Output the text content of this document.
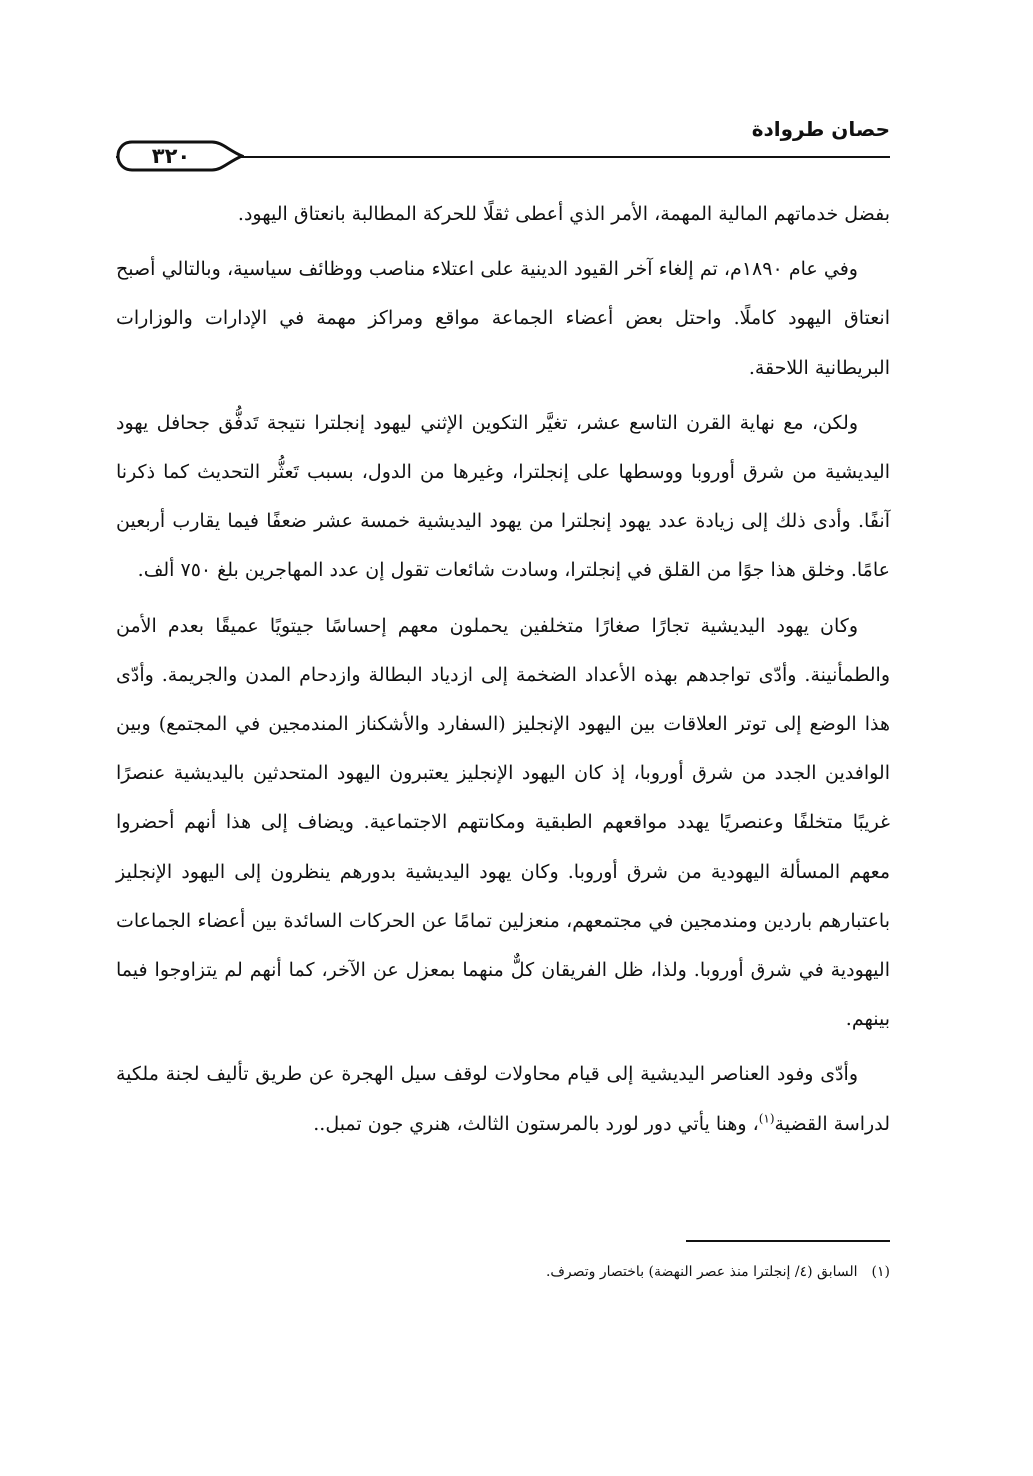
حصان طروادة
٣٢٠

بفضل خدماتهم المالية المهمة، الأمر الذي أعطى ثقلًا للحركة المطالبة بانعتاق اليهود.

وفي عام ١٨٩٠م، تم إلغاء آخر القيود الدينية على اعتلاء مناصب ووظائف سياسية، وبالتالي أصبح انعتاق اليهود كاملًا. واحتل بعض أعضاء الجماعة مواقع ومراكز مهمة في الإدارات والوزارات البريطانية اللاحقة.

ولكن، مع نهاية القرن التاسع عشر، تغيَّر التكوين الإثني ليهود إنجلترا نتيجة تَدفُّق جحافل يهود اليديشية من شرق أوروبا ووسطها على إنجلترا، وغيرها من الدول، بسبب تَعثُّر التحديث كما ذكرنا آنفًا. وأدى ذلك إلى زيادة عدد يهود إنجلترا من يهود اليديشية خمسة عشر ضعفًا فيما يقارب أربعين عامًا. وخلق هذا جوًا من القلق في إنجلترا، وسادت شائعات تقول إن عدد المهاجرين بلغ ٧٥٠ ألف.

وكان يهود اليديشية تجارًا صغارًا متخلفين يحملون معهم إحساسًا جيتويًا عميقًا بعدم الأمن والطمأنينة. وأدّى تواجدهم بهذه الأعداد الضخمة إلى ازدياد البطالة وازدحام المدن والجريمة. وأدّى هذا الوضع إلى توتر العلاقات بين اليهود الإنجليز (السفارد والأشكناز المندمجين في المجتمع) وبين الوافدين الجدد من شرق أوروبا، إذ كان اليهود الإنجليز يعتبرون اليهود المتحدثين باليديشية عنصرًا غريبًا متخلفًا وعنصريًا يهدد مواقعهم الطبقية ومكانتهم الاجتماعية. ويضاف إلى هذا أنهم أحضروا معهم المسألة اليهودية من شرق أوروبا. وكان يهود اليديشية بدورهم ينظرون إلى اليهود الإنجليز باعتبارهم باردين ومندمجين في مجتمعهم، منعزلين تمامًا عن الحركات السائدة بين أعضاء الجماعات اليهودية في شرق أوروبا. ولذا، ظل الفريقان كلٌّ منهما بمعزل عن الآخر، كما أنهم لم يتزاوجوا فيما بينهم.

وأدّى وفود العناصر اليديشية إلى قيام محاولات لوقف سيل الهجرة عن طريق تأليف لجنة ملكية لدراسة القضية$^{(١)}$، وهنا يأتي دور لورد بالمرستون الثالث، هنري جون تمبل..

(١)السابق (٤/ إنجلترا منذ عصر النهضة) باختصار وتصرف.
